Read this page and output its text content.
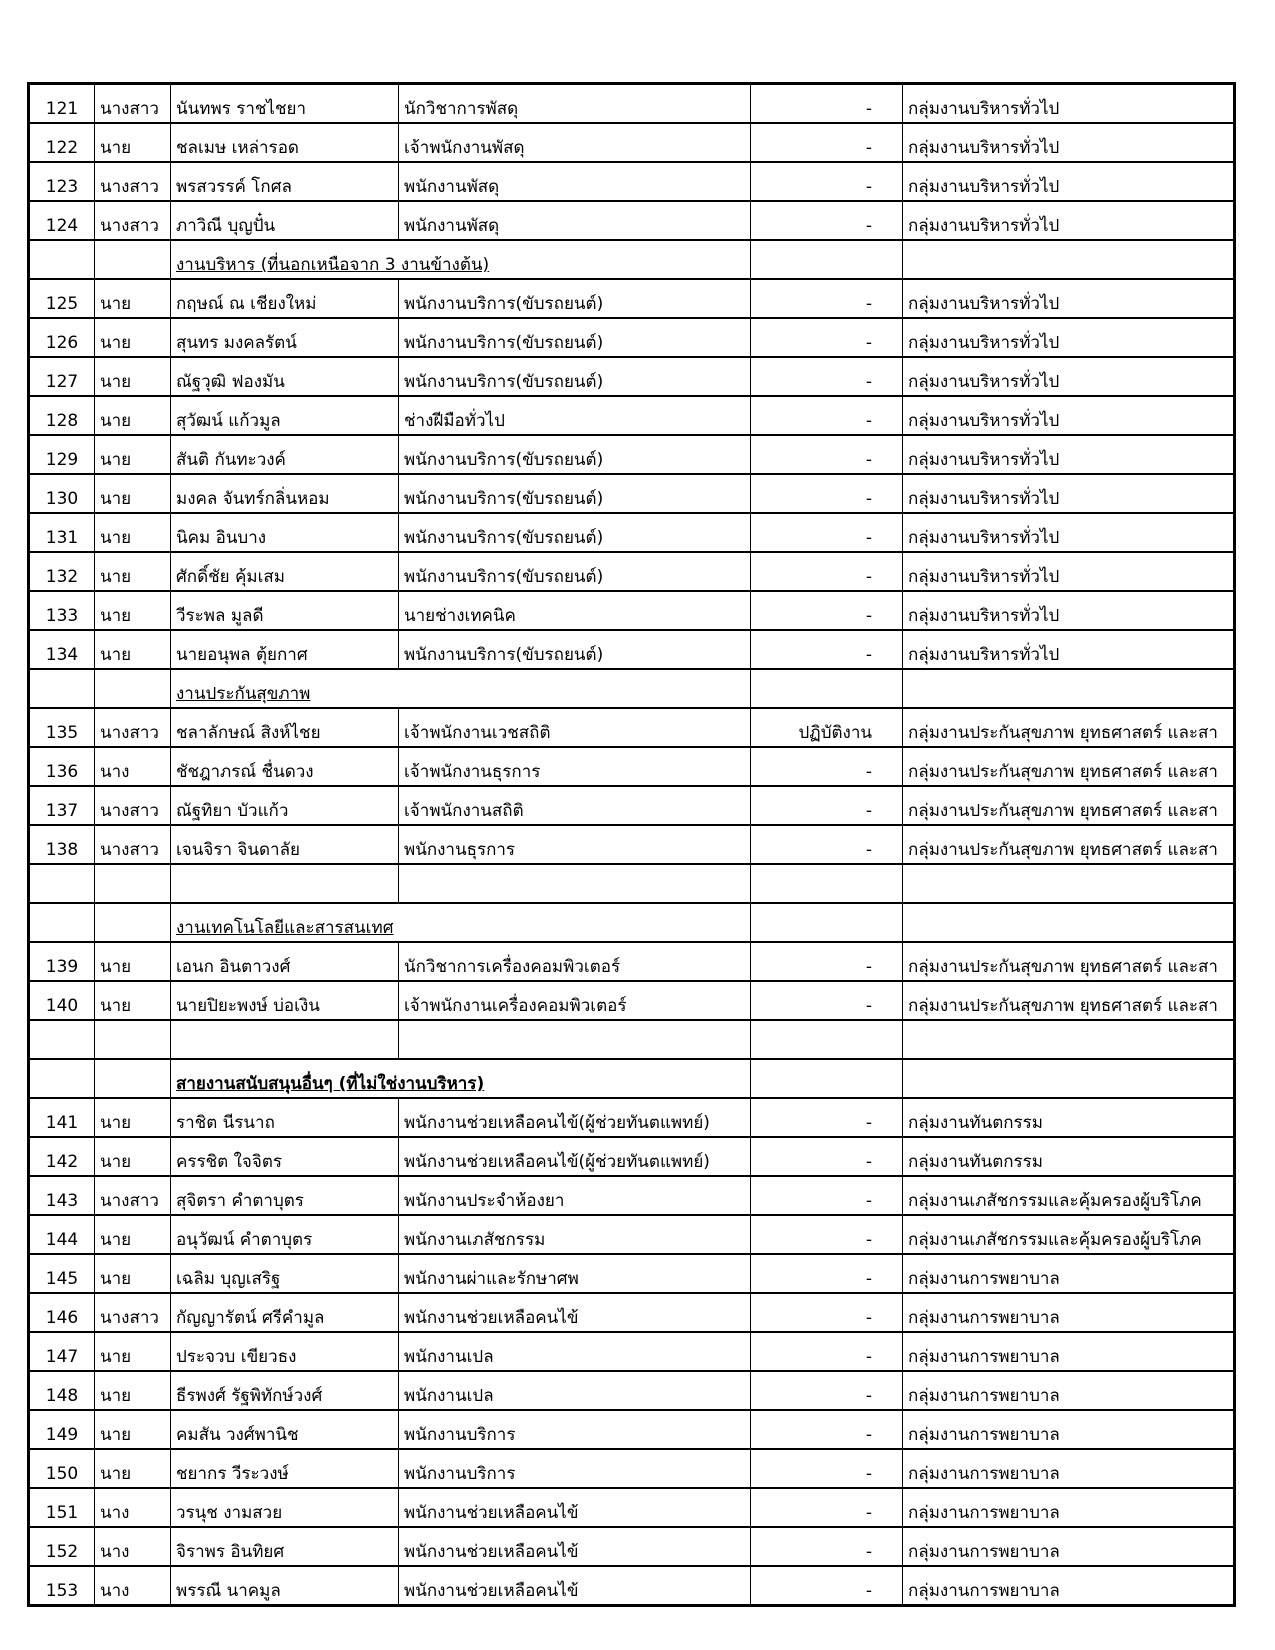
121	นางสาว	นันทพร ราชไชยา	นักวิชาการพัสดุ	-	กลุ่มงานบริหารทั่วไป
122	นาย	ชลเมษ เหล่ารอด	เจ้าพนักงานพัสดุ	-	กลุ่มงานบริหารทั่วไป
123	นางสาว	พรสวรรค์ โกศล	พนักงานพัสดุ	-	กลุ่มงานบริหารทั่วไป
124	นางสาว	ภาวิณี บุญปั๋น	พนักงานพัสดุ	-	กลุ่มงานบริหารทั่วไป
		งานบริหาร (ที่นอกเหนือจาก 3 งานข้างต้น)			
125	นาย	กฤษณ์ ณ เชียงใหม่	พนักงานบริการ(ขับรถยนต์)	-	กลุ่มงานบริหารทั่วไป
126	นาย	สุนทร มงคลรัตน์	พนักงานบริการ(ขับรถยนต์)	-	กลุ่มงานบริหารทั่วไป
127	นาย	ณัฐวุฒิ ฟองมัน	พนักงานบริการ(ขับรถยนต์)	-	กลุ่มงานบริหารทั่วไป
128	นาย	สุวัฒน์ แก้วมูล	ช่างฝีมือทั่วไป	-	กลุ่มงานบริหารทั่วไป
129	นาย	สันติ กันทะวงค์	พนักงานบริการ(ขับรถยนต์)	-	กลุ่มงานบริหารทั่วไป
130	นาย	มงคล จันทร์กลิ่นหอม	พนักงานบริการ(ขับรถยนต์)	-	กลุ่มงานบริหารทั่วไป
131	นาย	นิคม อินบาง	พนักงานบริการ(ขับรถยนต์)	-	กลุ่มงานบริหารทั่วไป
132	นาย	ศักดิ์ชัย คุ้มเสม	พนักงานบริการ(ขับรถยนต์)	-	กลุ่มงานบริหารทั่วไป
133	นาย	วีระพล มูลดี	นายช่างเทคนิค	-	กลุ่มงานบริหารทั่วไป
134	นาย	นายอนุพล ตุ้ยกาศ	พนักงานบริการ(ขับรถยนต์)	-	กลุ่มงานบริหารทั่วไป
		งานประกันสุขภาพ			
135	นางสาว	ชลาลักษณ์ สิงห์ไชย	เจ้าพนักงานเวชสถิติ	ปฏิบัติงาน	กลุ่มงานประกันสุขภาพ ยุทธศาสตร์ และสา
136	นาง	ชัชฎาภรณ์ ชื่นดวง	เจ้าพนักงานธุรการ	-	กลุ่มงานประกันสุขภาพ ยุทธศาสตร์ และสา
137	นางสาว	ณัฐทิยา บัวแก้ว	เจ้าพนักงานสถิติ	-	กลุ่มงานประกันสุขภาพ ยุทธศาสตร์ และสา
138	นางสาว	เจนจิรา จินดาลัย	พนักงานธุรการ	-	กลุ่มงานประกันสุขภาพ ยุทธศาสตร์ และสา

		งานเทคโนโลยีและสารสนเทศ			
139	นาย	เอนก อินตาวงศ์	นักวิชาการเครื่องคอมพิวเตอร์	-	กลุ่มงานประกันสุขภาพ ยุทธศาสตร์ และสา
140	นาย	นายปิยะพงษ์ บ่อเงิน	เจ้าพนักงานเครื่องคอมพิวเตอร์	-	กลุ่มงานประกันสุขภาพ ยุทธศาสตร์ และสา

		สายงานสนับสนุนอื่นๆ (ที่ไม่ใช่งานบริหาร)			
141	นาย	ราชิต นีรนาถ	พนักงานช่วยเหลือคนไข้(ผู้ช่วยทันตแพทย์)	-	กลุ่มงานทันตกรรม
142	นาย	ครรชิต ใจจิตร	พนักงานช่วยเหลือคนไข้(ผู้ช่วยทันตแพทย์)	-	กลุ่มงานทันตกรรม
143	นางสาว	สุจิตรา คำตาบุตร	พนักงานประจำห้องยา	-	กลุ่มงานเภสัชกรรมและคุ้มครองผู้บริโภค
144	นาย	อนุวัฒน์ คำตาบุตร	พนักงานเภสัชกรรม	-	กลุ่มงานเภสัชกรรมและคุ้มครองผู้บริโภค
145	นาย	เฉลิม บุญเสริฐ	พนักงานผ่าและรักษาศพ	-	กลุ่มงานการพยาบาล
146	นางสาว	กัญญารัตน์ ศรีคำมูล	พนักงานช่วยเหลือคนไข้	-	กลุ่มงานการพยาบาล
147	นาย	ประจวบ เขียวธง	พนักงานเปล	-	กลุ่มงานการพยาบาล
148	นาย	ธีรพงศ์ รัฐพิทักษ์วงศ์	พนักงานเปล	-	กลุ่มงานการพยาบาล
149	นาย	คมสัน วงศ์พานิช	พนักงานบริการ	-	กลุ่มงานการพยาบาล
150	นาย	ชยากร วีระวงษ์	พนักงานบริการ	-	กลุ่มงานการพยาบาล
151	นาง	วรนุช งามสวย	พนักงานช่วยเหลือคนไข้	-	กลุ่มงานการพยาบาล
152	นาง	จิราพร อินทิยศ	พนักงานช่วยเหลือคนไข้	-	กลุ่มงานการพยาบาล
153	นาง	พรรณี นาคมูล	พนักงานช่วยเหลือคนไข้	-	กลุ่มงานการพยาบาล
